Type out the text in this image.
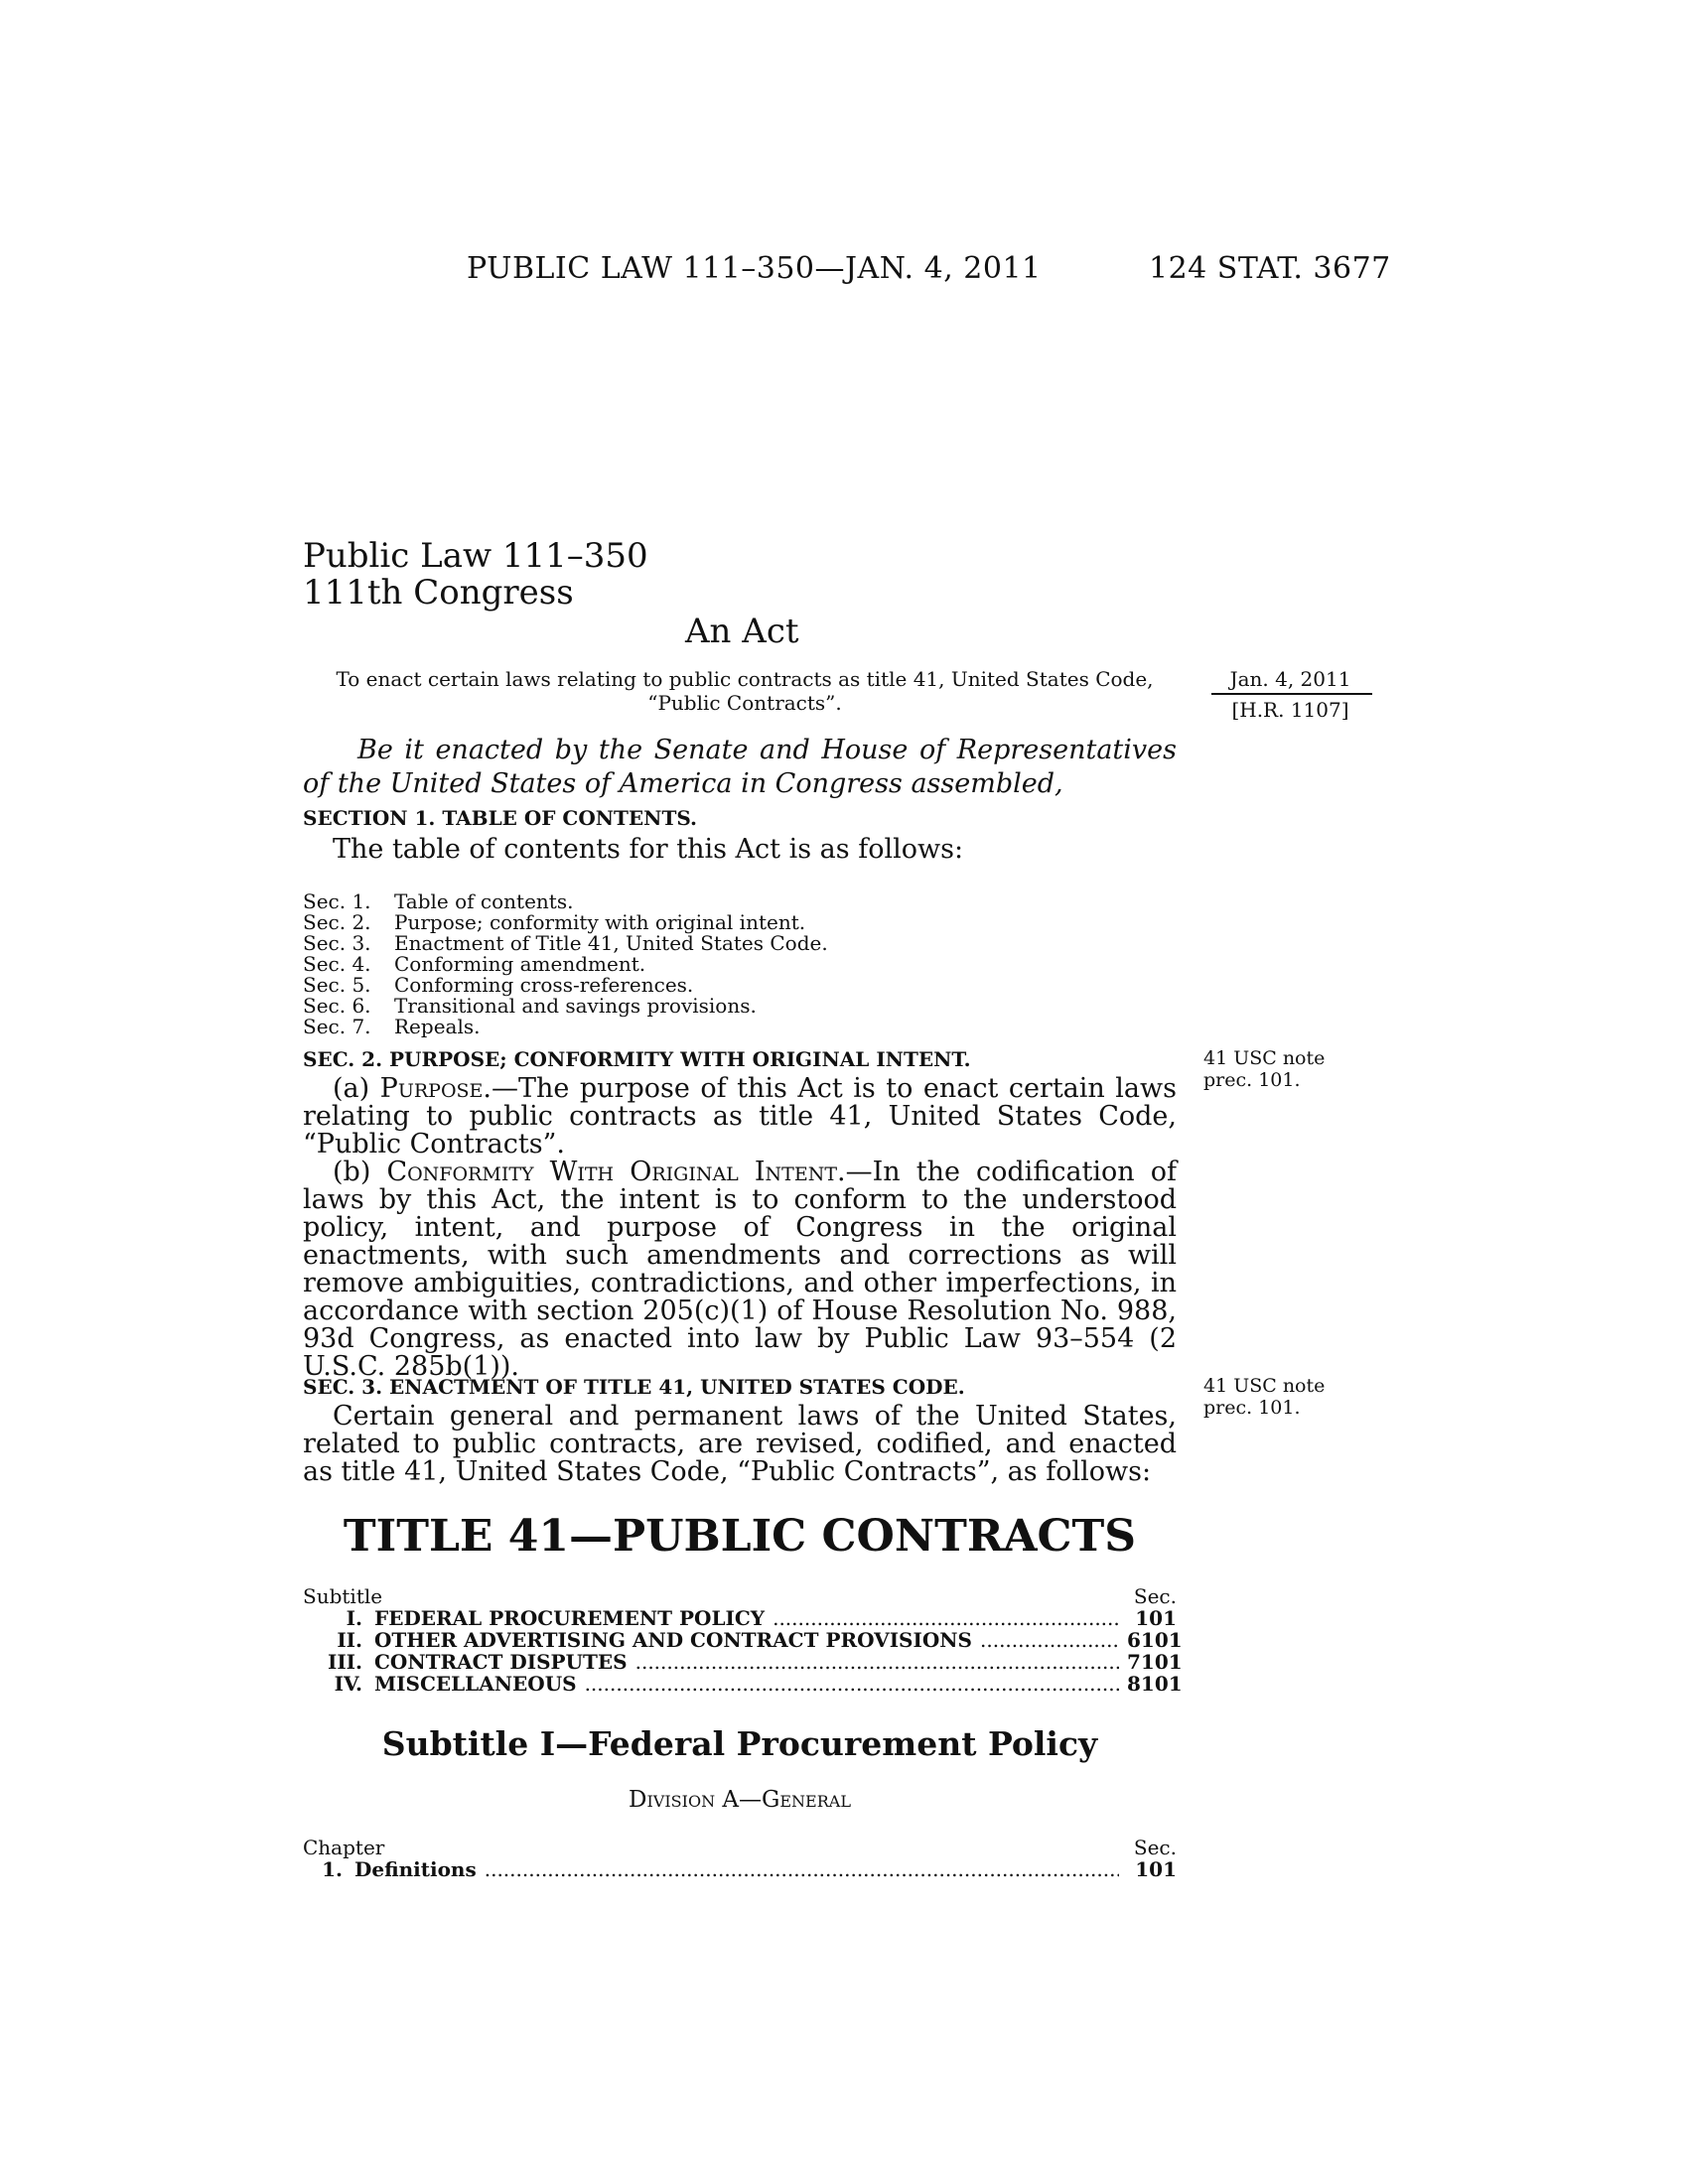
PUBLIC LAW 111–350—JAN. 4, 2011	124 STAT. 3677
Public Law 111–350
111th Congress
An Act
To enact certain laws relating to public contracts as title 41, United States Code,
“Public Contracts”.
Jan. 4, 2011
[H.R. 1107]
Be it enacted by the Senate and House of Representatives of the United States of America in Congress assembled,
SECTION 1. TABLE OF CONTENTS.
The table of contents for this Act is as follows:
Sec. 1.	Table of contents.
Sec. 2.	Purpose; conformity with original intent.
Sec. 3.	Enactment of Title 41, United States Code.
Sec. 4.	Conforming amendment.
Sec. 5.	Conforming cross-references.
Sec. 6.	Transitional and savings provisions.
Sec. 7.	Repeals.
SEC. 2. PURPOSE; CONFORMITY WITH ORIGINAL INTENT.	41 USC note
prec. 101.
(a) Purpose.—The purpose of this Act is to enact certain laws relating to public contracts as title 41, United States Code, “Public Contracts”.
(b) Conformity With Original Intent.—In the codification of laws by this Act, the intent is to conform to the understood policy, intent, and purpose of Congress in the original enactments, with such amendments and corrections as will remove ambiguities, contradictions, and other imperfections, in accordance with section 205(c)(1) of House Resolution No. 988, 93d Congress, as enacted into law by Public Law 93–554 (2 U.S.C. 285b(1)).
SEC. 3. ENACTMENT OF TITLE 41, UNITED STATES CODE.	41 USC note
prec. 101.
Certain general and permanent laws of the United States, related to public contracts, are revised, codified, and enacted as title 41, United States Code, “Public Contracts”, as follows:
TITLE 41—PUBLIC CONTRACTS
Subtitle	Sec.
I. FEDERAL PROCUREMENT POLICY .....	101
II. OTHER ADVERTISING AND CONTRACT PROVISIONS .....	6101
III. CONTRACT DISPUTES .....	7101
IV. MISCELLANEOUS .....	8101
Subtitle I—Federal Procurement Policy
Division A—General
Chapter	Sec.
1. Definitions .....	101
